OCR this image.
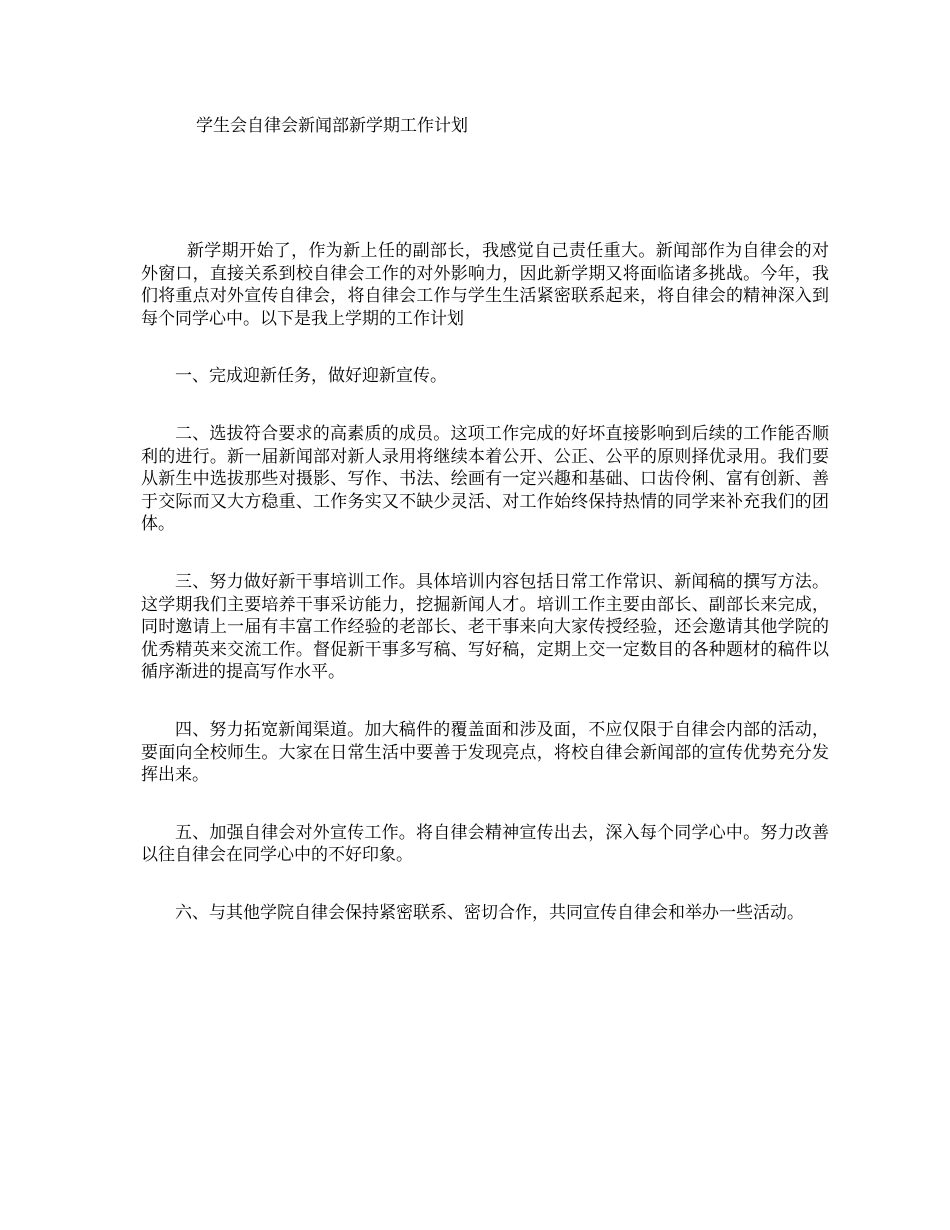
学生会自律会新闻部新学期工作计划

新学期开始了，作为新上任的副部长，我感觉自己责任重大。新闻部作为自律会的对外窗口，直接关系到校自律会工作的对外影响力，因此新学期又将面临诸多挑战。今年，我们将重点对外宣传自律会，将自律会工作与学生生活紧密联系起来，将自律会的精神深入到每个同学心中。以下是我上学期的工作计划

一、完成迎新任务，做好迎新宣传。

二、选拔符合要求的高素质的成员。这项工作完成的好坏直接影响到后续的工作能否顺利的进行。新一届新闻部对新人录用将继续本着公开、公正、公平的原则择优录用。我们要从新生中选拔那些对摄影、写作、书法、绘画有一定兴趣和基础、口齿伶俐、富有创新、善于交际而又大方稳重、工作务实又不缺少灵活、对工作始终保持热情的同学来补充我们的团体。

三、努力做好新干事培训工作。具体培训内容包括日常工作常识、新闻稿的撰写方法。这学期我们主要培养干事采访能力，挖掘新闻人才。培训工作主要由部长、副部长来完成，同时邀请上一届有丰富工作经验的老部长、老干事来向大家传授经验，还会邀请其他学院的优秀精英来交流工作。督促新干事多写稿、写好稿，定期上交一定数目的各种题材的稿件以循序渐进的提高写作水平。

四、努力拓宽新闻渠道。加大稿件的覆盖面和涉及面，不应仅限于自律会内部的活动，要面向全校师生。大家在日常生活中要善于发现亮点，将校自律会新闻部的宣传优势充分发挥出来。

五、加强自律会对外宣传工作。将自律会精神宣传出去，深入每个同学心中。努力改善以往自律会在同学心中的不好印象。

六、与其他学院自律会保持紧密联系、密切合作，共同宣传自律会和举办一些活动。
